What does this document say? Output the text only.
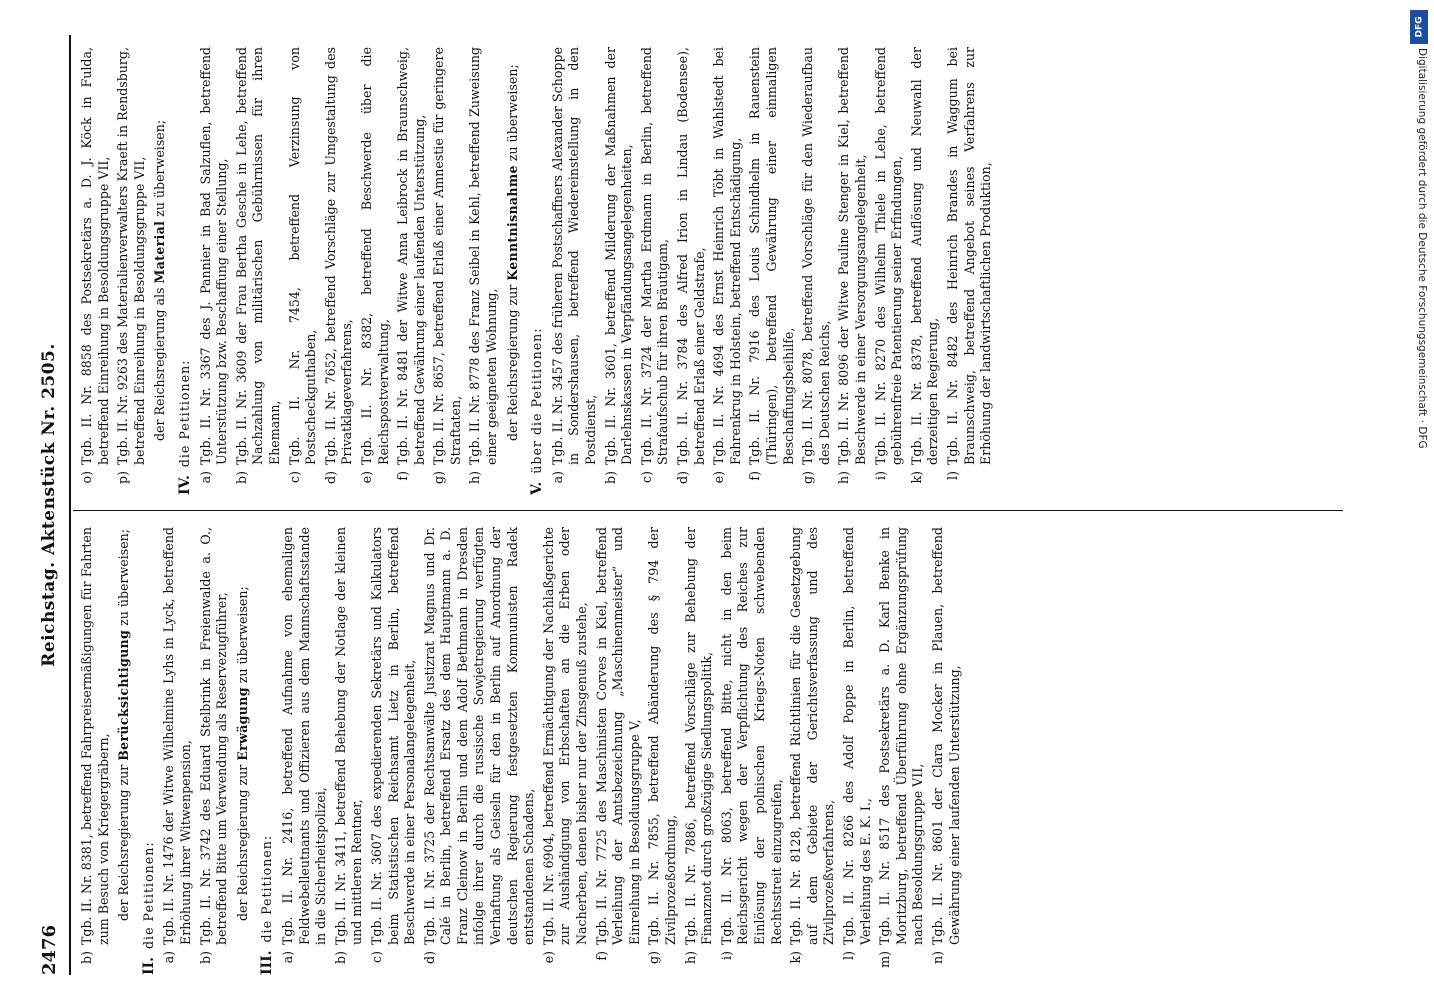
2476
Reichstag. Aktenstück Nr. 2505.
b)
Tgb. II. Nr. 8381, betreffend Fahrpreisermäßigungen für Fahrten zum Besuch von Kriegergräbern, der Reichsregierung zur Berücksichtigung zu überweisen;
II.die Petitionen:
a)
Tgb. II. Nr. 1476 der Witwe Wilhelmine Lyhs in Lyck, betreffend Erhöhung ihrer Witwenpension,
b)
Tgb. II. Nr. 3742 des Eduard Stelbrink in Freienwalde a. O., betreffend Bitte um Verwendung als Reservezugführer, der Reichsregierung zur Erwägung zu überweisen;
III.die Petitionen:
a)
Tgb. II. Nr. 2416, betreffend Aufnahme von ehemaligen Feldwebelleutnants und Offizieren aus dem Mannschaftsstande in die Sicherheitspolizei,
b)
Tgb. II. Nr. 3411, betreffend Behebung der Notlage der kleinen und mittleren Rentner,
c)
Tgb. II. Nr. 3607 des expedierenden Sekretärs und Kalkulators beim Statistischen Reichsamt Lietz in Berlin, betreffend Beschwerde in einer Personalangelegenheit,
d)
Tgb. II. Nr. 3725 der Rechtsanwälte Justizrat Magnus und Dr. Calé in Berlin, betreffend Ersatz des dem Hauptmann a. D. Franz Cleinow in Berlin und dem Adolf Bethmann in Dresden infolge ihrer durch die russische Sowjetregierung verfügten Verhaftung als Geiseln für den in Berlin auf Anordnung der deutschen Regierung festgesetzten Kommunisten Radek entstandenen Schadens,
e)
Tgb. II. Nr. 6904, betreffend Ermächtigung der Nachlaßgerichte zur Aushändigung von Erbschaften an die Erben oder Nacherben, denen bisher nur der Zinsgenuß zustehe,
f)
Tgb. II. Nr. 7725 des Maschinisten Corves in Kiel, betreffend Verleihung der Amtsbezeichnung „Maschinenmeister“ und Einreihung in Besoldungsgruppe V,
g)
Tgb. II. Nr. 7855, betreffend Abänderung des § 794 der Zivilprozeßordnung,
h)
Tgb. II. Nr. 7886, betreffend Vorschläge zur Behebung der Finanznot durch großzügige Siedlungspolitik,
i)
Tgb. II. Nr. 8063, betreffend Bitte, nicht in den beim Reichsgericht wegen der Verpflichtung des Reiches zur Einlösung der polnischen Kriegs-Noten schwebenden Rechtsstreit einzugreifen,
k)
Tgb. II. Nr. 8128, betreffend Richtlinien für die Gesetzgebung auf dem Gebiete der Gerichtsverfassung und des Zivilprozeßverfahrens,
l)
Tgb. II. Nr. 8266 des Adolf Poppe in Berlin, betreffend Verleihung des E. K. I.,
m)
Tgb. II. Nr. 8517 des Postsekretärs a. D. Karl Benke in Moritzburg, betreffend Überführung ohne Ergänzungsprüfung nach Besoldungsgruppe VII,
n)
Tgb. II. Nr. 8601 der Clara Mocker in Plauen, betreffend Gewährung einer laufenden Unterstützung,
o)
Tgb. II. Nr. 8858 des Postsekretärs a. D. J. Köck in Fulda, betreffend Einreihung in Besoldungsgruppe VII,
p)
Tgb. II. Nr. 9263 des Materialienverwalters Kraeft in Rendsburg, betreffend Einreihung in Besoldungsgruppe VII, der Reichsregierung als Material zu überweisen;
IV.die Petitionen:
a)
Tgb. II. Nr. 3367 des J. Pannier in Bad Salzuflen, betreffend Unterstützung bzw. Beschaffung einer Stellung,
b)
Tgb. II. Nr. 3609 der Frau Bertha Gesche in Lehe, betreffend Nachzahlung von militärischen Gebührnissen für ihren Ehemann,
c)
Tgb. II. Nr. 7454, betreffend Verzinsung von Postscheckguthaben,
d)
Tgb. II. Nr. 7652, betreffend Vorschläge zur Umgestaltung des Privatklageverfahrens,
e)
Tgb. II. Nr. 8382, betreffend Beschwerde über die Reichspostverwaltung,
f)
Tgb. II. Nr. 8481 der Witwe Anna Leibrock in Braunschweig, betreffend Gewährung einer laufenden Unterstützung,
g)
Tgb. II. Nr. 8657, betreffend Erlaß einer Amnestie für geringere Straftaten,
h)
Tgb. II. Nr. 8778 des Franz Seibel in Kehl, betreffend Zuweisung einer geeigneten Wohnung, der Reichsregierung zur Kenntnisnahme zu überweisen;
V.über die Petitionen:
a)
Tgb. II. Nr. 3457 des früheren Postschaffners Alexander Schoppe in Sondershausen, betreffend Wiedereinstellung in den Postdienst,
b)
Tgb. II. Nr. 3601, betreffend Milderung der Maßnahmen der Darlehnskassen in Verpfändungsangelegenheiten,
c)
Tgb. II. Nr. 3724 der Martha Erdmann in Berlin, betreffend Strafaufschub für ihren Bräutigam,
d)
Tgb. II. Nr. 3784 des Alfred Irion in Lindau (Bodensee), betreffend Erlaß einer Geldstrafe,
e)
Tgb. II. Nr. 4694 des Ernst Heinrich Töbt in Wahlstedt bei Fahrenkrug in Holstein, betreffend Entschädigung,
f)
Tgb. II. Nr. 7916 des Louis Schindhelm in Rauenstein (Thüringen), betreffend Gewährung einer einmaligen Beschaffungsbeihilfe,
g)
Tgb. II. Nr. 8078, betreffend Vorschläge für den Wiederaufbau des Deutschen Reichs,
h)
Tgb. II. Nr. 8096 der Witwe Pauline Stenger in Kiel, betreffend Beschwerde in einer Versorgungsangelegenheit,
i)
Tgb. II. Nr. 8270 des Wilhelm Thiele in Lehe, betreffend gebührenfreie Patentierung seiner Erfindungen,
k)
Tgb. II. Nr. 8378, betreffend Auflösung und Neuwahl der derzeitigen Regierung,
l)
Tgb. II. Nr. 8482 des Heinrich Brandes in Waggum bei Braunschweig, betreffend Angebot seines Verfahrens zur Erhöhung der landwirtschaftlichen Produktion,
DFG
Digitalisierung gefördert durch die Deutsche Forschungsgemeinschaft · DFG
